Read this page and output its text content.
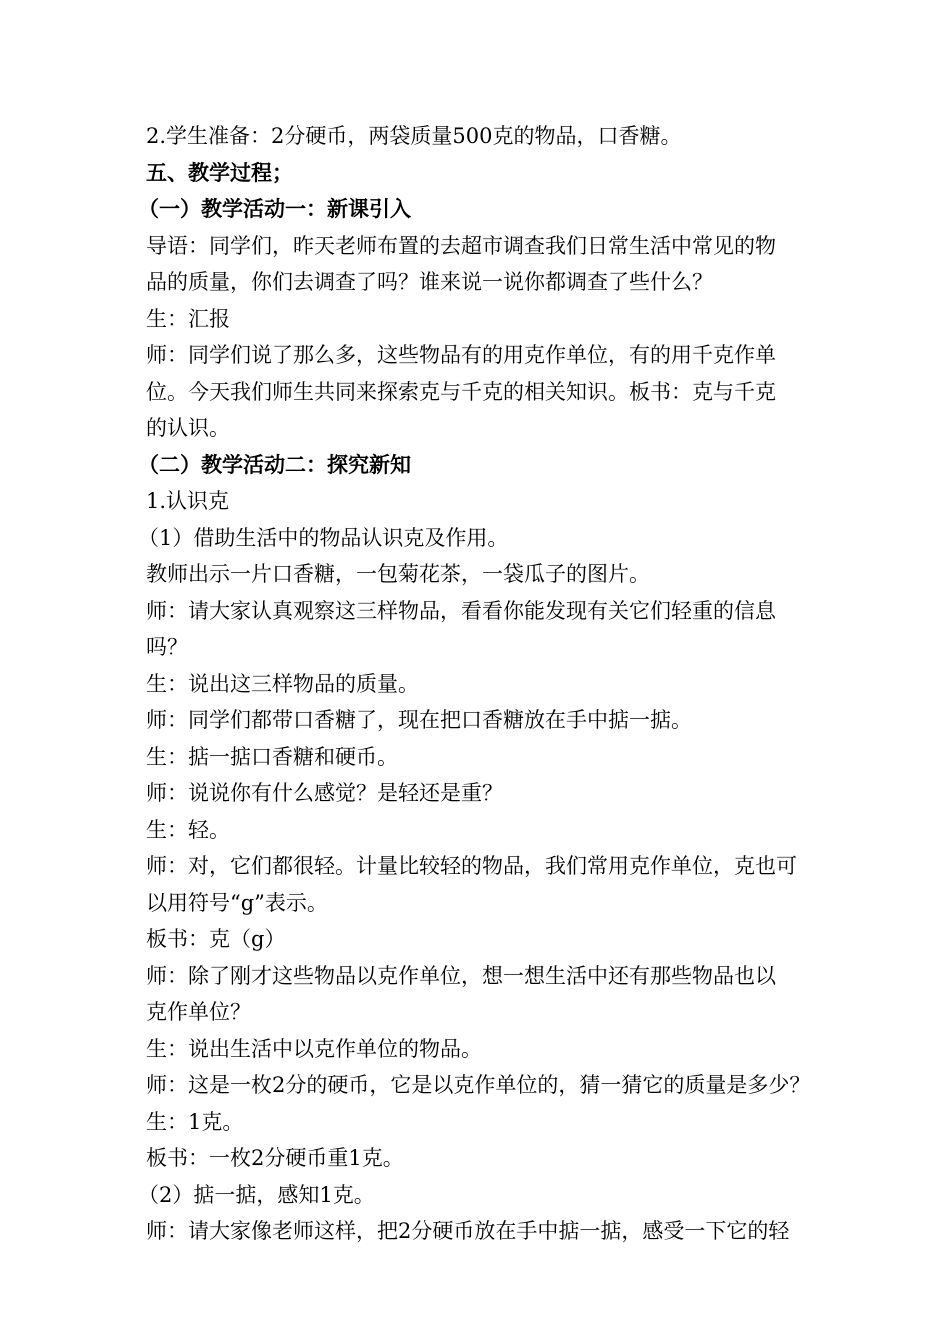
2.学生准备：2分硬币，两袋质量500克的物品，口香糖。
五、教学过程；
（一）教学活动一：新课引入
导语：同学们，昨天老师布置的去超市调查我们日常生活中常见的物
品的质量，你们去调查了吗？谁来说一说你都调查了些什么？
生：汇报
师：同学们说了那么多，这些物品有的用克作单位，有的用千克作单
位。今天我们师生共同来探索克与千克的相关知识。板书：克与千克
的认识。
（二）教学活动二：探究新知
1.认识克
（1）借助生活中的物品认识克及作用。
教师出示一片口香糖，一包菊花茶，一袋瓜子的图片。
师：请大家认真观察这三样物品，看看你能发现有关它们轻重的信息
吗？
生：说出这三样物品的质量。
师：同学们都带口香糖了，现在把口香糖放在手中掂一掂。
生：掂一掂口香糖和硬币。
师：说说你有什么感觉？是轻还是重？
生：轻。
师：对，它们都很轻。计量比较轻的物品，我们常用克作单位，克也可
以用符号“g”表示。
板书：克（g）
师：除了刚才这些物品以克作单位，想一想生活中还有那些物品也以
克作单位？
生：说出生活中以克作单位的物品。
师：这是一枚2分的硬币，它是以克作单位的，猜一猜它的质量是多少？
生：1克。
板书：一枚2分硬币重1克。
（2）掂一掂，感知1克。
师：请大家像老师这样，把2分硬币放在手中掂一掂，感受一下它的轻
